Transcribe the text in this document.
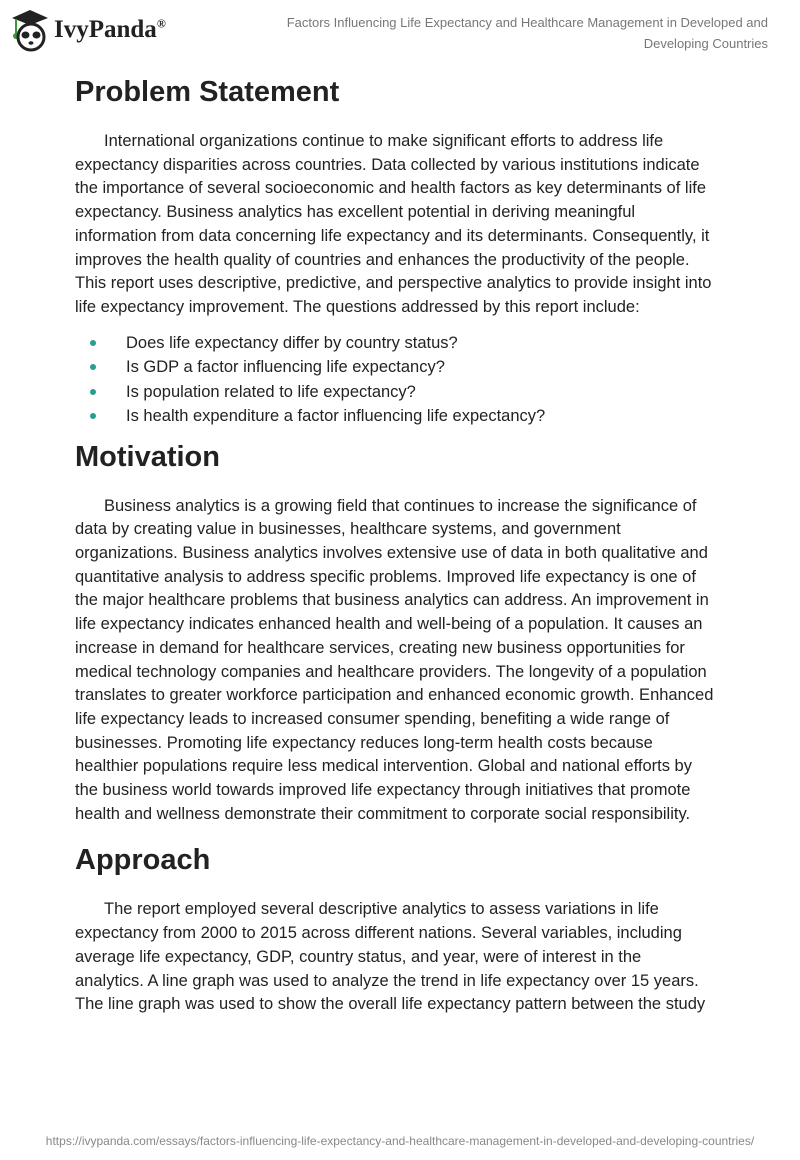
IvyPanda®	Factors Influencing Life Expectancy and Healthcare Management in Developed and Developing Countries
Problem Statement
International organizations continue to make significant efforts to address life
expectancy disparities across countries. Data collected by various institutions indicate
the importance of several socioeconomic and health factors as key determinants of life
expectancy. Business analytics has excellent potential in deriving meaningful
information from data concerning life expectancy and its determinants. Consequently, it
improves the health quality of countries and enhances the productivity of the people.
This report uses descriptive, predictive, and perspective analytics to provide insight into
life expectancy improvement. The questions addressed by this report include:
Does life expectancy differ by country status?
Is GDP a factor influencing life expectancy?
Is population related to life expectancy?
Is health expenditure a factor influencing life expectancy?
Motivation
Business analytics is a growing field that continues to increase the significance of
data by creating value in businesses, healthcare systems, and government
organizations. Business analytics involves extensive use of data in both qualitative and
quantitative analysis to address specific problems. Improved life expectancy is one of
the major healthcare problems that business analytics can address. An improvement in
life expectancy indicates enhanced health and well-being of a population. It causes an
increase in demand for healthcare services, creating new business opportunities for
medical technology companies and healthcare providers. The longevity of a population
translates to greater workforce participation and enhanced economic growth. Enhanced
life expectancy leads to increased consumer spending, benefiting a wide range of
businesses. Promoting life expectancy reduces long-term health costs because
healthier populations require less medical intervention. Global and national efforts by
the business world towards improved life expectancy through initiatives that promote
health and wellness demonstrate their commitment to corporate social responsibility.
Approach
The report employed several descriptive analytics to assess variations in life
expectancy from 2000 to 2015 across different nations. Several variables, including
average life expectancy, GDP, country status, and year, were of interest in the
analytics. A line graph was used to analyze the trend in life expectancy over 15 years.
The line graph was used to show the overall life expectancy pattern between the study
https://ivypanda.com/essays/factors-influencing-life-expectancy-and-healthcare-management-in-developed-and-developing-countries/
